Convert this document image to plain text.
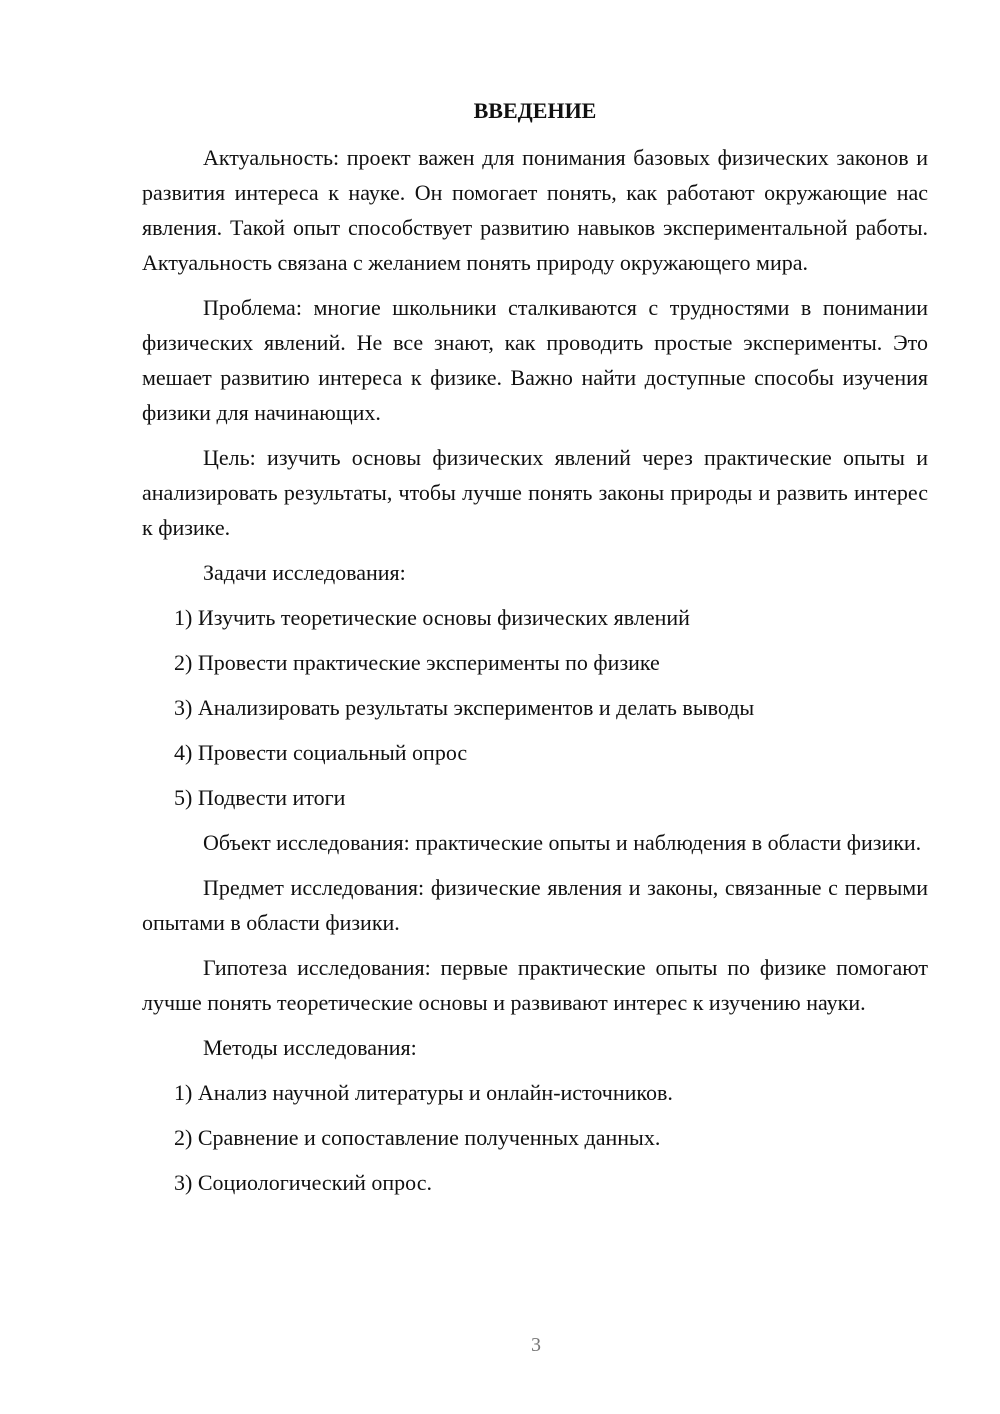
ВВЕДЕНИЕ

Актуальность: проект важен для понимания базовых физических законов и развития интереса к науке. Он помогает понять, как работают окружающие нас явления. Такой опыт способствует развитию навыков экспериментальной работы. Актуальность связана с желанием понять природу окружающего мира.

Проблема: многие школьники сталкиваются с трудностями в понимании физических явлений. Не все знают, как проводить простые эксперименты. Это мешает развитию интереса к физике. Важно найти доступные способы изучения физики для начинающих.

Цель: изучить основы физических явлений через практические опыты и анализировать результаты, чтобы лучше понять законы природы и развить интерес к физике.

Задачи исследования:

1) Изучить теоретические основы физических явлений
2) Провести практические эксперименты по физике
3) Анализировать результаты экспериментов и делать выводы
4) Провести социальный опрос
5) Подвести итоги

Объект исследования: практические опыты и наблюдения в области физики.

Предмет исследования: физические явления и законы, связанные с первыми опытами в области физики.

Гипотеза исследования: первые практические опыты по физике помогают лучше понять теоретические основы и развивают интерес к изучению науки.

Методы исследования:

1) Анализ научной литературы и онлайн-источников.
2) Сравнение и сопоставление полученных данных.
3) Социологический опрос.
3
